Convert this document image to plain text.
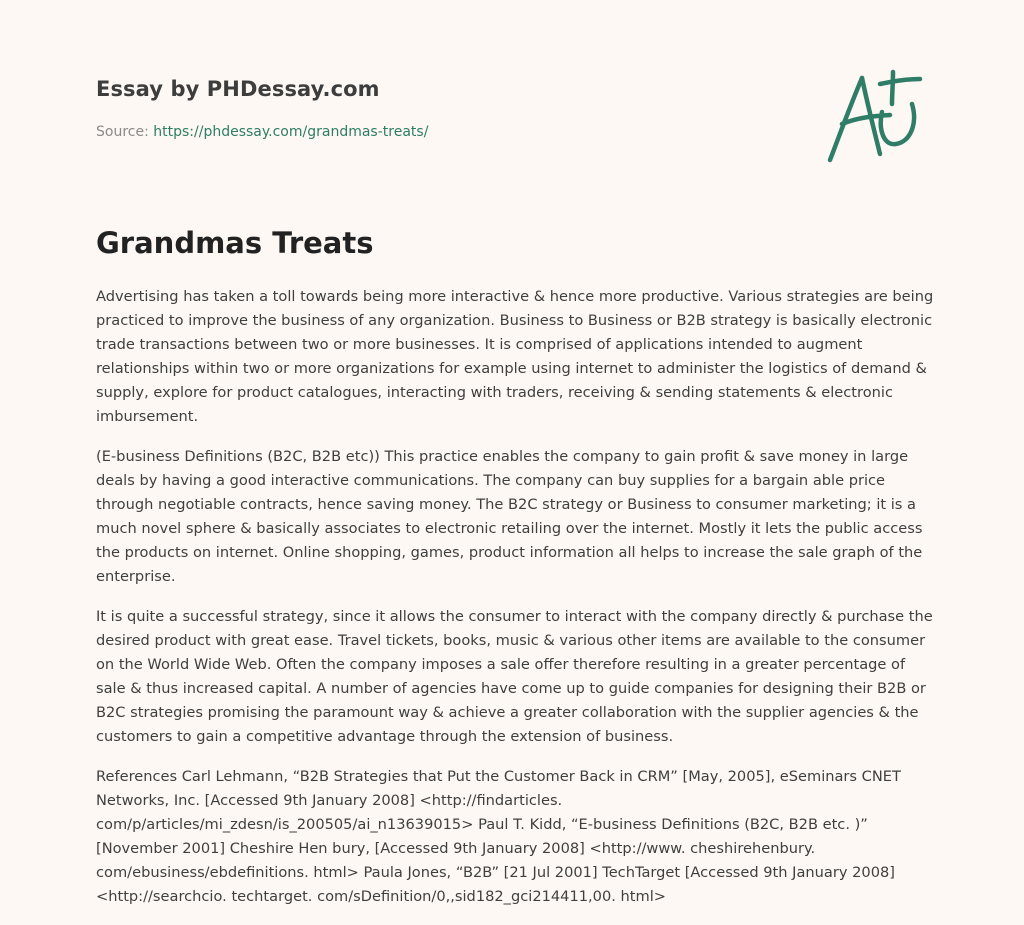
Essay by PHDessay.com

Source: https://phdessay.com/grandmas-treats/

Grandmas Treats

Advertising has taken a toll towards being more interactive & hence more productive. Various strategies are being practiced to improve the business of any organization. Business to Business or B2B strategy is basically electronic trade transactions between two or more businesses. It is comprised of applications intended to augment relationships within two or more organizations for example using internet to administer the logistics of demand & supply, explore for product catalogues, interacting with traders, receiving & sending statements & electronic imbursement.

(E-business Definitions (B2C, B2B etc)) This practice enables the company to gain profit & save money in large deals by having a good interactive communications. The company can buy supplies for a bargain able price through negotiable contracts, hence saving money. The B2C strategy or Business to consumer marketing; it is a much novel sphere & basically associates to electronic retailing over the internet. Mostly it lets the public access the products on internet. Online shopping, games, product information all helps to increase the sale graph of the enterprise.

It is quite a successful strategy, since it allows the consumer to interact with the company directly & purchase the desired product with great ease. Travel tickets, books, music & various other items are available to the consumer on the World Wide Web. Often the company imposes a sale offer therefore resulting in a greater percentage of sale & thus increased capital. A number of agencies have come up to guide companies for designing their B2B or B2C strategies promising the paramount way & achieve a greater collaboration with the supplier agencies & the customers to gain a competitive advantage through the extension of business.

References Carl Lehmann, “B2B Strategies that Put the Customer Back in CRM” [May, 2005], eSeminars CNET Networks, Inc. [Accessed 9th January 2008] <http://findarticles. com/p/articles/mi_zdesn/is_200505/ai_n13639015> Paul T. Kidd, “E-business Definitions (B2C, B2B etc. )” [November 2001] Cheshire Hen bury, [Accessed 9th January 2008] <http://www. cheshirehenbury. com/ebusiness/ebdefinitions. html> Paula Jones, “B2B” [21 Jul 2001] TechTarget [Accessed 9th January 2008] <http://searchcio. techtarget. com/sDefinition/0,,sid182_gci214411,00. html>
